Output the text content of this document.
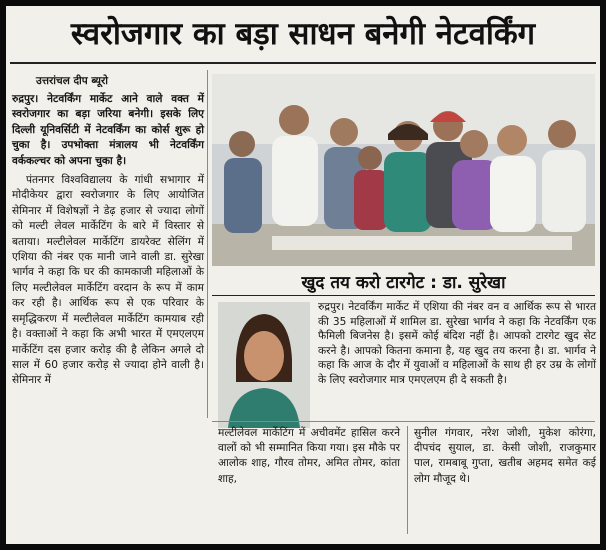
स्वरोजगार का बड़ा साधन बनेगी नेटवर्किंग
उत्तरांचल दीप ब्यूरो

रुद्रपुर। नेटवर्किंग मार्केट आने वाले वक्त में स्वरोजगार का बड़ा जरिया बनेगी। इसके लिए दिल्ली यूनिवर्सिटी में नेटवर्किंग का कोर्स शुरू हो चुका है। उपभोक्ता मंत्रालय भी नेटवर्किंग वर्ककल्चर को अपना चुका है।

पंतनगर विश्वविद्यालय के गांधी सभागार में मोदीकेयर द्वारा स्वरोजगार के लिए आयोजित सेमिनार में विशेषज्ञों ने डेढ़ हजार से ज्यादा लोगों को मल्टी लेवल मार्केटिंग के बारे में विस्तार से बताया। मल्टीलेवल मार्केटिंग डायरेक्ट सेलिंग में एशिया की नंबर एक मानी जाने वाली डा. सुरेखा भार्गव ने कहा कि घर की कामकाजी महिलाओं के लिए मल्टीलेवल मार्केटिंग वरदान के रूप में काम कर रही है। आर्थिक रूप से एक परिवार के समृद्धिकरण में मल्टीलेवल मार्केटिंग कामयाब रही है। वक्ताओं ने कहा कि अभी भारत में एमएलएम मार्केटिंग दस हजार करोड़ की है लेकिन अगले दो साल में 60 हजार करोड़ से ज्यादा होने वाली है। सेमिनार में

खुद तय करो टारगेट : डा. सुरेखा

रुद्रपुर। नेटवर्किंग मार्केट में एशिया की नंबर वन व आर्थिक रूप से भारत की 35 महिलाओं में शामिल डा. सुरेखा भार्गव ने कहा कि नेटवर्किंग एक फैमिली बिजनेस है। इसमें कोई बंदिश नहीं है। आपको टारगेट खुद सेट करने है। आपको कितना कमाना है, यह खुद तय करना है। डा. भार्गव ने कहा कि आज के दौर में युवाओं व महिलाओं के साथ ही हर उम्र के लोगों के लिए स्वरोजगार मात्र एमएलएम ही दे सकती है।

मल्टीलेवल मार्केटिंग में अचीवमेंट हासिल करने वालों को भी सम्मानित किया गया। इस मौके पर आलोक शाह, गौरव तोमर, अमित तोमर, कांता शाह,

सुनील गंगवार, नरेश जोशी, मुकेश कोरंगा, दीपचंद सुयाल, डा. केसी जोशी, राजकुमार पाल, रामबाबू गुप्ता, खतीब अहमद समेत कई लोग मौजूद थे।
